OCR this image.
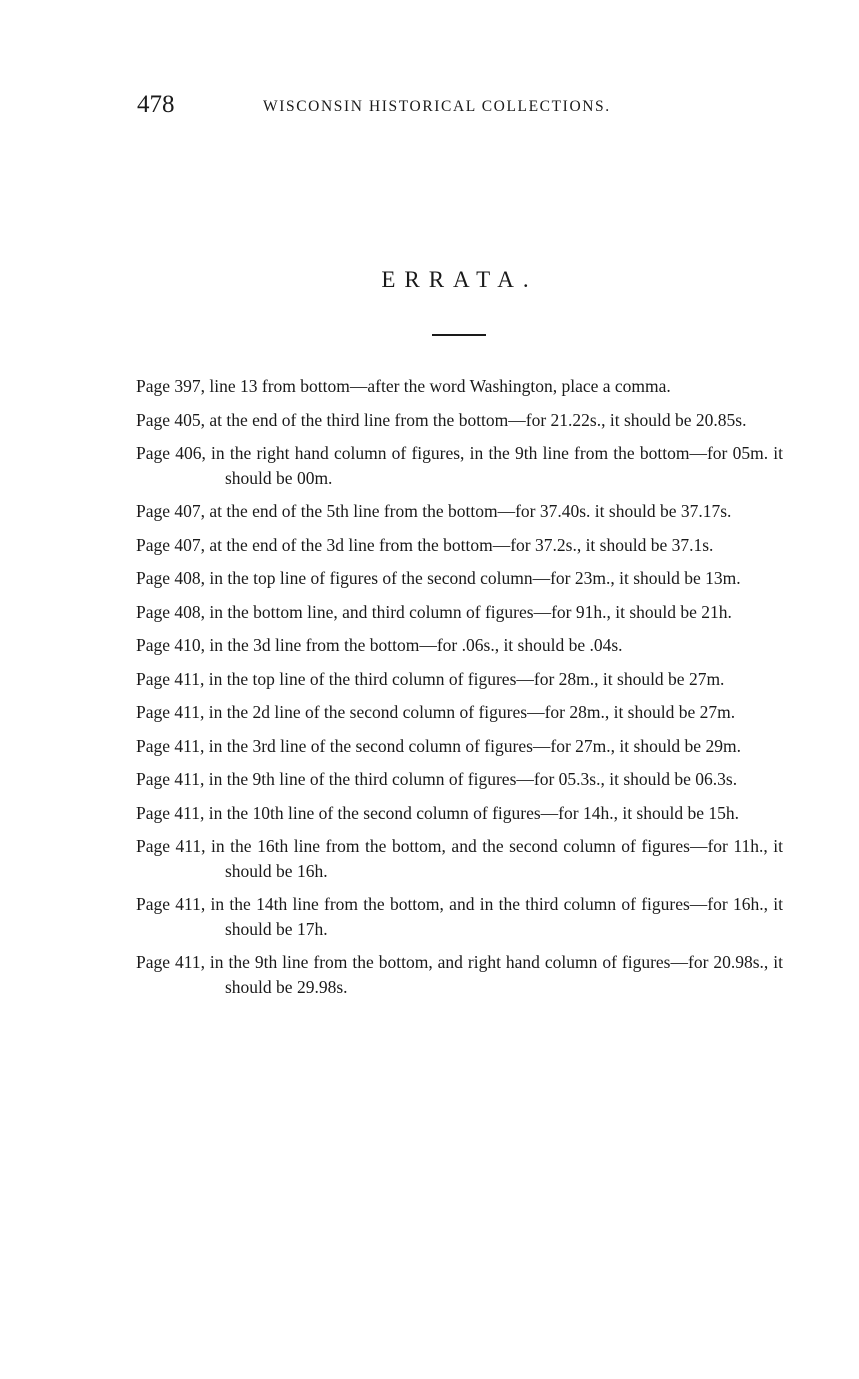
478	WISCONSIN HISTORICAL COLLECTIONS.
ERRATA.
Page 397, line 13 from bottom—after the word Washington, place a comma.
Page 405, at the end of the third line from the bottom—for 21.22s., it should be 20.85s.
Page 406, in the right hand column of figures, in the 9th line from the bottom—for 05m. it should be 00m.
Page 407, at the end of the 5th line from the bottom—for 37.40s. it should be 37.17s.
Page 407, at the end of the 3d line from the bottom—for 37.2s., it should be 37.1s.
Page 408, in the top line of figures of the second column—for 23m., it should be 13m.
Page 408, in the bottom line, and third column of figures—for 91h., it should be 21h.
Page 410, in the 3d line from the bottom—for .06s., it should be .04s.
Page 411, in the top line of the third column of figures—for 28m., it should be 27m.
Page 411, in the 2d line of the second column of figures—for 28m., it should be 27m.
Page 411, in the 3rd line of the second column of figures—for 27m., it should be 29m.
Page 411, in the 9th line of the third column of figures—for 05.3s., it should be 06.3s.
Page 411, in the 10th line of the second column of figures—for 14h., it should be 15h.
Page 411, in the 16th line from the bottom, and the second column of figures—for 11h., it should be 16h.
Page 411, in the 14th line from the bottom, and in the third column of figures—for 16h., it should be 17h.
Page 411, in the 9th line from the bottom, and right hand column of figures—for 20.98s., it should be 29.98s.
